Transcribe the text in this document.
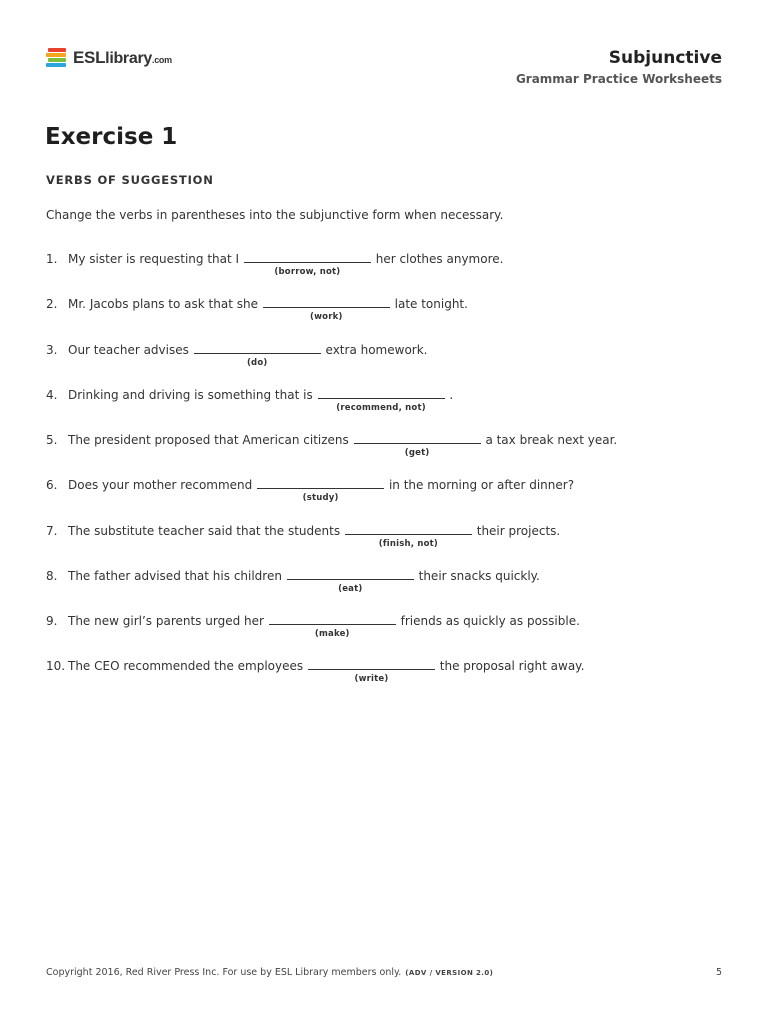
ESLlibrary.com	Subjunctive
Grammar Practice Worksheets
Exercise 1
VERBS OF SUGGESTION
Change the verbs in parentheses into the subjunctive form when necessary.
1. My sister is requesting that I
(borrow, not)
her clothes anymore.
2. Mr. Jacobs plans to ask that she
(work)
late tonight.
3. Our teacher advises
(do)
extra homework.
4. Drinking and driving is something that is
(recommend, not)
.
5. The president proposed that American citizens
(get)
a tax break next year.
6. Does your mother recommend
(study)
in the morning or after dinner?
7. The substitute teacher said that the students
(finish, not)
their projects.
8. The father advised that his children
(eat)
their snacks quickly.
9. The new girl’s parents urged her
(make)
friends as quickly as possible.
10. The CEO recommended the employees
(write)
the proposal right away.
Copyright 2016, Red River Press Inc. For use by ESL Library members only. (ADV / VERSION 2.0)	5
